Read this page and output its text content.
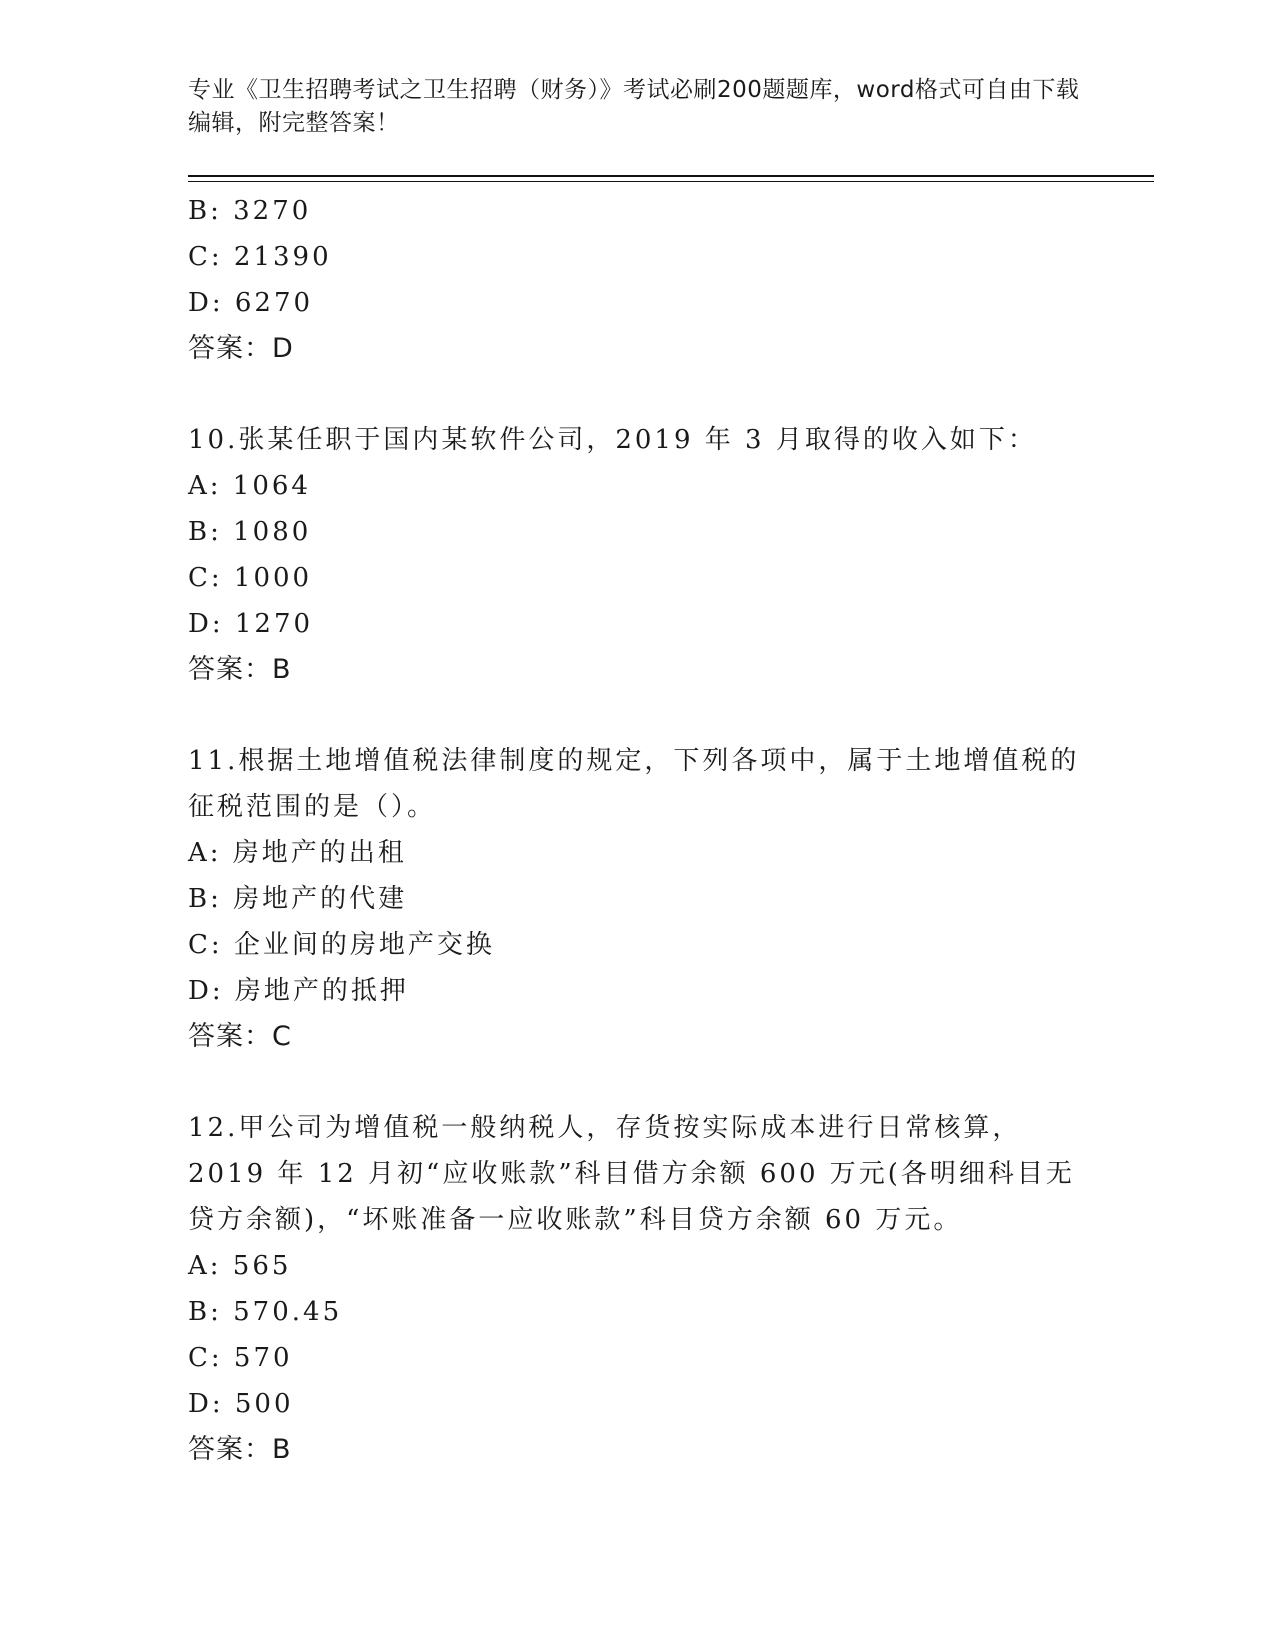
专业《卫生招聘考试之卫生招聘（财务）》考试必刷200题题库，word格式可自由下载编辑，附完整答案！
B: 3270
C: 21390
D: 6270
答案：D
10.张某任职于国内某软件公司，2019 年 3 月取得的收入如下：
A: 1064
B: 1080
C: 1000
D: 1270
答案：B
11.根据土地增值税法律制度的规定，下列各项中，属于土地增值税的征税范围的是（）。
A: 房地产的出租
B: 房地产的代建
C: 企业间的房地产交换
D: 房地产的抵押
答案：C
12.甲公司为增值税一般纳税人，存货按实际成本进行日常核算，2019 年 12 月初“应收账款”科目借方余额 600 万元(各明细科目无贷方余额)，“坏账准备一应收账款”科目贷方余额 60 万元。
A: 565
B: 570.45
C: 570
D: 500
答案：B
